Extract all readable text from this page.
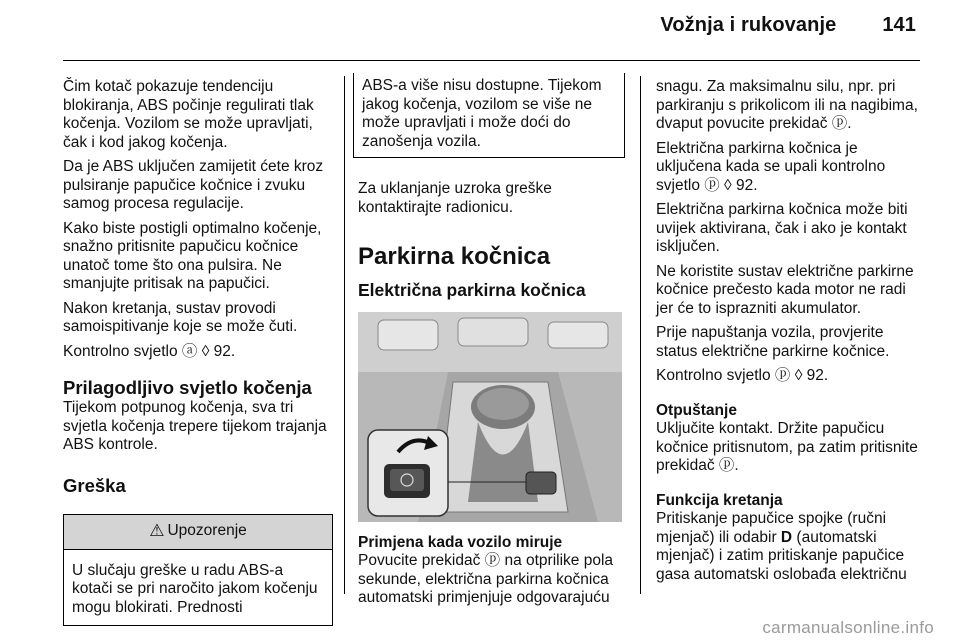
Vožnja i rukovanje 141

Čim kotač pokazuje tendenciju blokiranja, ABS počinje regulirati tlak kočenja. Vozilom se može upravljati, čak i kod jakog kočenja.

Da je ABS uključen zamijetit ćete kroz pulsiranje papučice kočnice i zvuku samog procesa regulacije.

Kako biste postigli optimalno kočenje, snažno pritisnite papučicu kočnice unatoč tome što ona pulsira. Ne smanjujte pritisak na papučici.

Nakon kretanja, sustav provodi samoispitivanje koje se može čuti.

Kontrolno svjetlo ⓐ ◊ 92.

Prilagodljivo svjetlo kočenja

Tijekom potpunog kočenja, sva tri svjetla kočenja trepere tijekom trajanja ABS kontrole.

Greška
⚠ Upozorenje
U slučaju greške u radu ABS-a kotači se pri naročito jakom kočenju mogu blokirati. Prednosti
ABS-a više nisu dostupne. Tijekom jakog kočenja, vozilom se više ne može upravljati i može doći do zanošenja vozila.

Za uklanjanje uzroka greške kontaktirajte radionicu.

Parkirna kočnica
Električna parkirna kočnica
Primjena kada vozilo miruje

Povucite prekidač ⓟ na otprilike pola sekunde, električna parkirna kočnica automatski primjenjuje odgovarajuću

snagu. Za maksimalnu silu, npr. pri parkiranju s prikolicom ili na nagibima, dvaput povucite prekidač ⓟ.

Električna parkirna kočnica je uključena kada se upali kontrolno svjetlo ⓟ ◊ 92.

Električna parkirna kočnica može biti uvijek aktivirana, čak i ako je kontakt isključen.

Ne koristite sustav električne parkirne kočnice prečesto kada motor ne radi jer će to isprazniti akumulator.

Prije napuštanja vozila, provjerite status električne parkirne kočnice.

Kontrolno svjetlo ⓟ ◊ 92.

Otpuštanje

Uključite kontakt. Držite papučicu kočnice pritisnutom, pa zatim pritisnite prekidač ⓟ.

Funkcija kretanja

Pritiskanje papučice spojke (ručni mjenjač) ili odabir D (automatski mjenjač) i zatim pritiskanje papučice gasa automatski oslobađa električnu

carmanualsonline.info
